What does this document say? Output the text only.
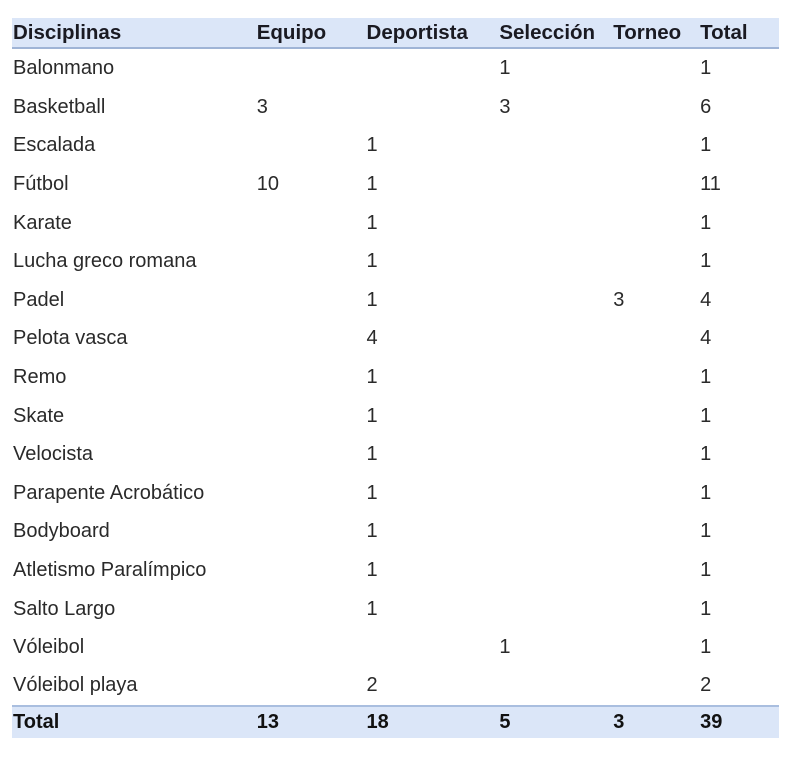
Disciplinas	Equipo	Deportista	Selección	Torneo	Total
Balonmano			1		1
Basketball	3		3		6
Escalada		1			1
Fútbol	10	1			11
Karate		1			1
Lucha greco romana		1			1
Padel		1		3	4
Pelota vasca		4			4
Remo		1			1
Skate		1			1
Velocista		1			1
Parapente Acrobático		1			1
Bodyboard		1			1
Atletismo Paralímpico		1			1
Salto Largo		1			1
Vóleibol			1		1
Vóleibol playa		2			2
Total	13	18	5	3	39
